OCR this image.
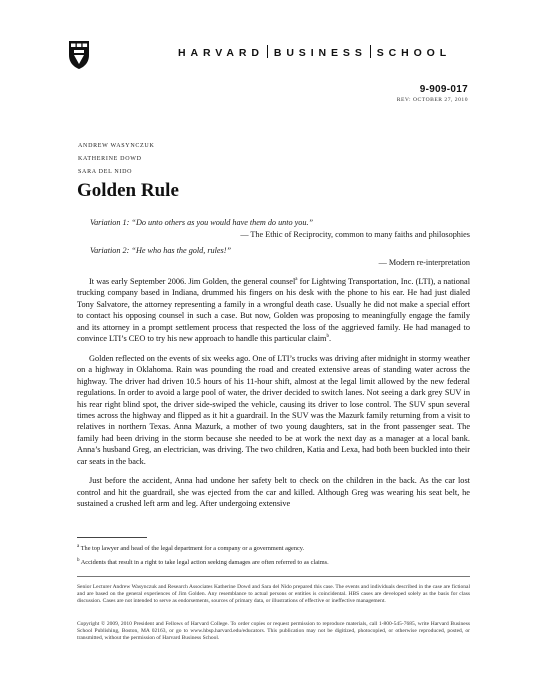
HARVARD BUSINESS SCHOOL
9-909-017
REV: OCTOBER 27, 2010
ANDREW WASYNCZUK
KATHERINE DOWD
SARA DEL NIDO
Golden Rule
Variation 1: “Do unto others as you would have them do unto you.”
— The Ethic of Reciprocity, common to many faiths and philosophies
Variation 2: “He who has the gold, rules!”
— Modern re-interpretation

It was early September 2006. Jim Golden, the general counsel$^a$ for Lightwing Transportation, Inc. (LTI), a national trucking company based in Indiana, drummed his fingers on his desk with the phone to his ear. He had just dialed Tony Salvatore, the attorney representing a family in a wrongful death case. Usually he did not make a special effort to contact his opposing counsel in such a case. But now, Golden was proposing to meaningfully engage the family and its attorney in a prompt settlement process that respected the loss of the aggrieved family. He had managed to convince LTI’s CEO to try his new approach to handle this particular claim$^b$.

Golden reflected on the events of six weeks ago. One of LTI’s trucks was driving after midnight in stormy weather on a highway in Oklahoma. Rain was pounding the road and created extensive areas of standing water across the highway. The driver had driven 10.5 hours of his 11-hour shift, almost at the legal limit allowed by the new federal regulations. In order to avoid a large pool of water, the driver decided to switch lanes. Not seeing a dark grey SUV in his rear right blind spot, the driver side-swiped the vehicle, causing its driver to lose control. The SUV spun several times across the highway and flipped as it hit a guardrail. In the SUV was the Mazurk family returning from a visit to relatives in northern Texas. Anna Mazurk, a mother of two young daughters, sat in the front passenger seat. The family had been driving in the storm because she needed to be at work the next day as a manager at a local bank. Anna’s husband Greg, an electrician, was driving. The two children, Katia and Lexa, had both been buckled into their car seats in the back.

Just before the accident, Anna had undone her safety belt to check on the children in the back. As the car lost control and hit the guardrail, she was ejected from the car and killed. Although Greg was wearing his seat belt, he sustained a crushed left arm and leg. After undergoing extensive

$^a$ The top lawyer and head of the legal department for a company or a government agency.
$^b$ Accidents that result in a right to take legal action seeking damages are often referred to as claims.
Senior Lecturer Andrew Wasynczuk and Research Associates Katherine Dowd and Sara del Nido prepared this case. The events and individuals described in the case are fictional and are based on the general experiences of Jim Golden. Any resemblance to actual persons or entities is coincidental. HBS cases are developed solely as the basis for class discussion. Cases are not intended to serve as endorsements, sources of primary data, or illustrations of effective or ineffective management.
Copyright © 2009, 2010 President and Fellows of Harvard College. To order copies or request permission to reproduce materials, call 1-800-545-7685, write Harvard Business School Publishing, Boston, MA 02163, or go to www.hbsp.harvard.edu/educators. This publication may not be digitized, photocopied, or otherwise reproduced, posted, or transmitted, without the permission of Harvard Business School.
